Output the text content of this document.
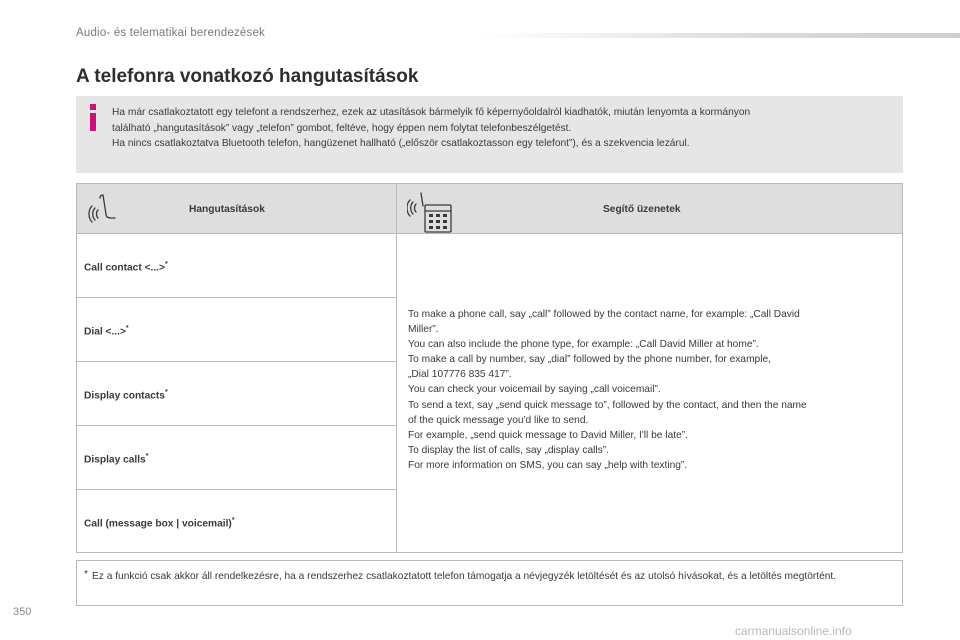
Audio- és telematikai berendezések
A telefonra vonatkozó hangutasítások

Ha már csatlakoztatott egy telefont a rendszerhez, ezek az utasítások bármelyik fő képernyőoldalról kiadhatók, miután lenyomta a kormányon

található „hangutasítások” vagy „telefon” gombot, feltéve, hogy éppen nem folytat telefonbeszélgetést.

Ha nincs csatlakoztatva Bluetooth telefon, hangüzenet hallható („először csatlakoztasson egy telefont”), és a szekvencia lezárul.

Hangutasítások	Segítő üzenetek
Call contact <...>*
Dial <...>*
Display contacts*
Display calls*
Call (message box | voicemail)*
To make a phone call, say „call” followed by the contact name, for example: „Call David
Miller”.
You can also include the phone type, for example: „Call David Miller at home”.
To make a call by number, say „dial” followed by the phone number, for example,
„Dial 107776 835 417”.
You can check your voicemail by saying „call voicemail”.
To send a text, say „send quick message to”, followed by the contact, and then the name
of the quick message you'd like to send.
For example, „send quick message to David Miller, I'll be late”.
To display the list of calls, say „display calls”.
For more information on SMS, you can say „help with texting”.
* Ez a funkció csak akkor áll rendelkezésre, ha a rendszerhez csatlakoztatott telefon támogatja a névjegyzék letöltését és az utolsó hívásokat, és a letöltés megtörtént.
350
carmanualsonline.info
